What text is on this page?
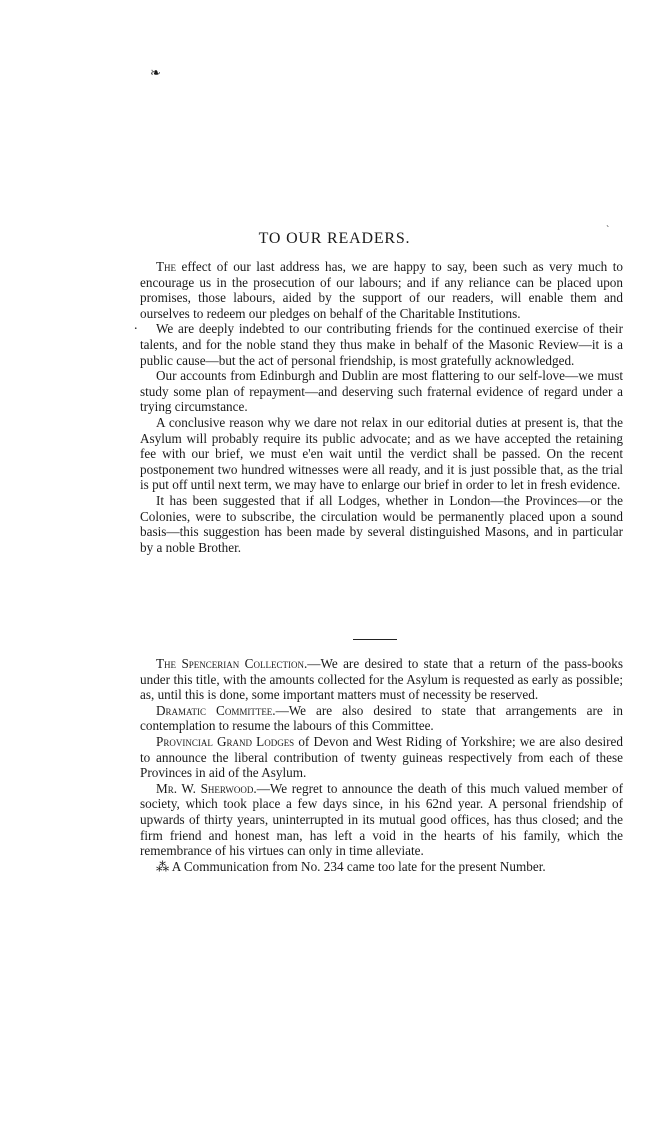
❧
ˋ
.
TO OUR READERS.

The effect of our last address has, we are happy to say, been such as very much to encourage us in the prosecution of our labours; and if any reliance can be placed upon promises, those labours, aided by the support of our readers, will enable them and ourselves to redeem our pledges on behalf of the Charitable Institutions.

We are deeply indebted to our contributing friends for the continued exercise of their talents, and for the noble stand they thus make in behalf of the Masonic Review—it is a public cause—but the act of personal friendship, is most gratefully acknowledged.

Our accounts from Edinburgh and Dublin are most flattering to our self-love—we must study some plan of repayment—and deserving such fraternal evidence of regard under a trying circumstance.

A conclusive reason why we dare not relax in our editorial duties at present is, that the Asylum will probably require its public advocate; and as we have accepted the retaining fee with our brief, we must e'en wait until the verdict shall be passed. On the recent postponement two hundred witnesses were all ready, and it is just possible that, as the trial is put off until next term, we may have to enlarge our brief in order to let in fresh evidence.

It has been suggested that if all Lodges, whether in London—the Provinces—or the Colonies, were to subscribe, the circulation would be permanently placed upon a sound basis—this suggestion has been made by several distinguished Masons, and in particular by a noble Brother.

The Spencerian Collection.—We are desired to state that a return of the pass-books under this title, with the amounts collected for the Asylum is requested as early as possible; as, until this is done, some important matters must of necessity be reserved.

Dramatic Committee.—We are also desired to state that arrangements are in contemplation to resume the labours of this Committee.

Provincial Grand Lodges of Devon and West Riding of Yorkshire; we are also desired to announce the liberal contribution of twenty guineas respectively from each of these Provinces in aid of the Asylum.

Mr. W. Sherwood.—We regret to announce the death of this much valued member of society, which took place a few days since, in his 62nd year. A personal friendship of upwards of thirty years, uninterrupted in its mutual good offices, has thus closed; and the firm friend and honest man, has left a void in the hearts of his family, which the remembrance of his virtues can only in time alleviate.

⁂ A Communication from No. 234 came too late for the present Number.
